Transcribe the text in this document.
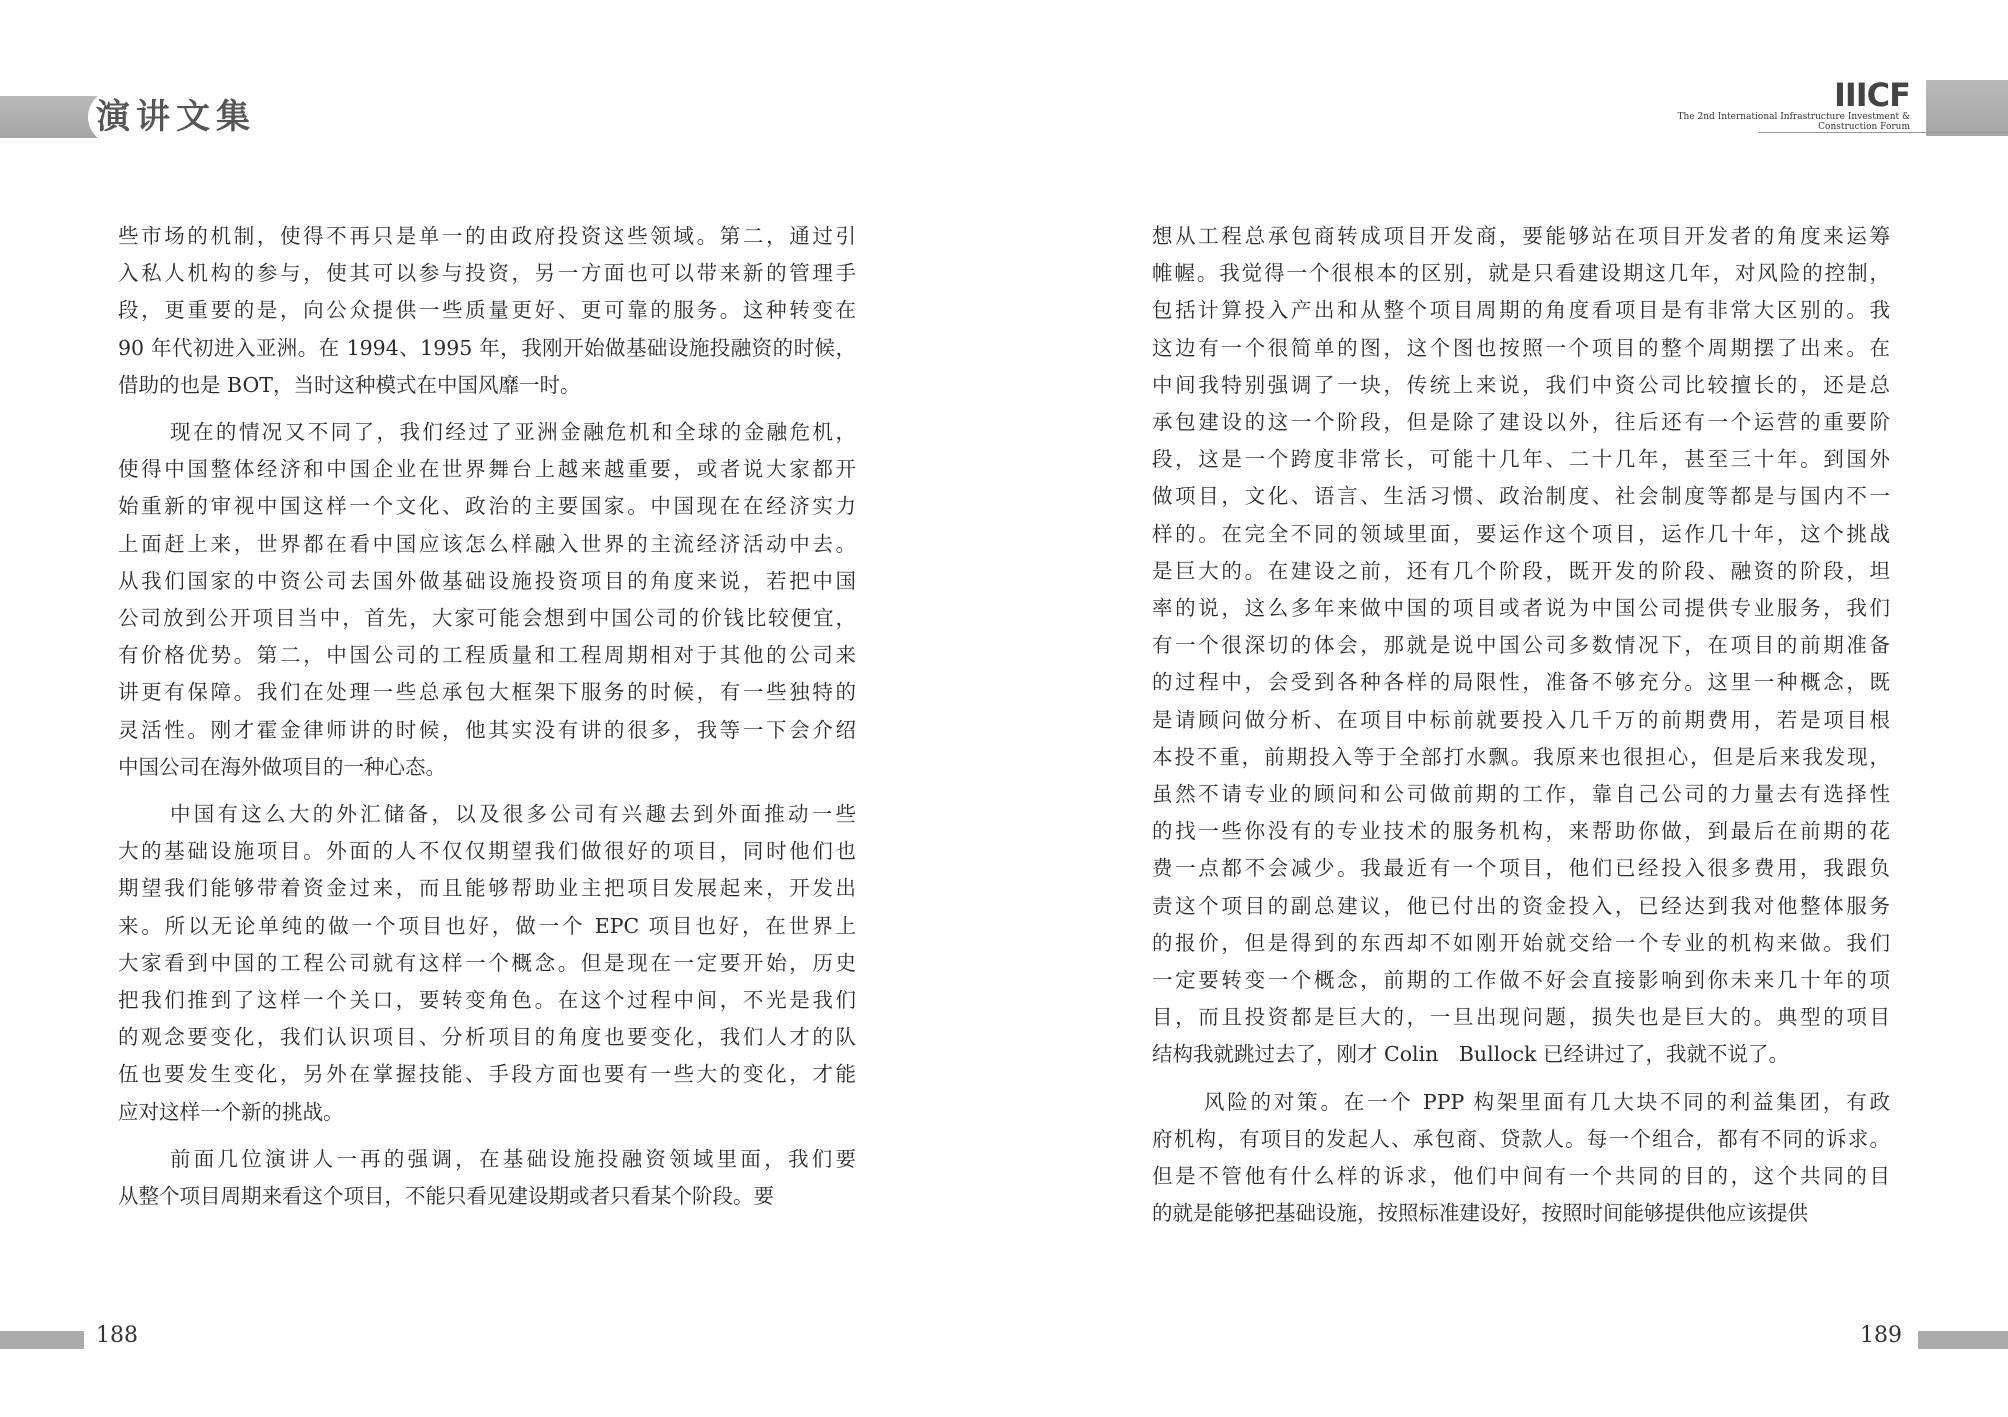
演讲文集
些市场的机制，使得不再只是单一的由政府投资这些领域。第二，通过引
入私人机构的参与，使其可以参与投资，另一方面也可以带来新的管理手
段，更重要的是，向公众提供一些质量更好、更可靠的服务。这种转变在
90 年代初进入亚洲。在 1994、1995 年，我刚开始做基础设施投融资的时候，
借助的也是 BOT，当时这种模式在中国风靡一时。
现在的情况又不同了，我们经过了亚洲金融危机和全球的金融危机，
使得中国整体经济和中国企业在世界舞台上越来越重要，或者说大家都开
始重新的审视中国这样一个文化、政治的主要国家。中国现在在经济实力
上面赶上来，世界都在看中国应该怎么样融入世界的主流经济活动中去。
从我们国家的中资公司去国外做基础设施投资项目的角度来说，若把中国
公司放到公开项目当中，首先，大家可能会想到中国公司的价钱比较便宜，
有价格优势。第二，中国公司的工程质量和工程周期相对于其他的公司来
讲更有保障。我们在处理一些总承包大框架下服务的时候，有一些独特的
灵活性。刚才霍金律师讲的时候，他其实没有讲的很多，我等一下会介绍
中国公司在海外做项目的一种心态。
中国有这么大的外汇储备，以及很多公司有兴趣去到外面推动一些
大的基础设施项目。外面的人不仅仅期望我们做很好的项目，同时他们也
期望我们能够带着资金过来，而且能够帮助业主把项目发展起来，开发出
来。所以无论单纯的做一个项目也好，做一个 EPC 项目也好，在世界上
大家看到中国的工程公司就有这样一个概念。但是现在一定要开始，历史
把我们推到了这样一个关口，要转变角色。在这个过程中间，不光是我们
的观念要变化，我们认识项目、分析项目的角度也要变化，我们人才的队
伍也要发生变化，另外在掌握技能、手段方面也要有一些大的变化，才能
应对这样一个新的挑战。
前面几位演讲人一再的强调，在基础设施投融资领域里面，我们要
从整个项目周期来看这个项目，不能只看见建设期或者只看某个阶段。要
188
IIICF
The 2nd International Infrastructure Investment &
Construction Forum
想从工程总承包商转成项目开发商，要能够站在项目开发者的角度来运筹
帷幄。我觉得一个很根本的区别，就是只看建设期这几年，对风险的控制，
包括计算投入产出和从整个项目周期的角度看项目是有非常大区别的。我
这边有一个很简单的图，这个图也按照一个项目的整个周期摆了出来。在
中间我特别强调了一块，传统上来说，我们中资公司比较擅长的，还是总
承包建设的这一个阶段，但是除了建设以外，往后还有一个运营的重要阶
段，这是一个跨度非常长，可能十几年、二十几年，甚至三十年。到国外
做项目，文化、语言、生活习惯、政治制度、社会制度等都是与国内不一
样的。在完全不同的领域里面，要运作这个项目，运作几十年，这个挑战
是巨大的。在建设之前，还有几个阶段，既开发的阶段、融资的阶段，坦
率的说，这么多年来做中国的项目或者说为中国公司提供专业服务，我们
有一个很深切的体会，那就是说中国公司多数情况下，在项目的前期准备
的过程中，会受到各种各样的局限性，准备不够充分。这里一种概念，既
是请顾问做分析、在项目中标前就要投入几千万的前期费用，若是项目根
本投不重，前期投入等于全部打水飘。我原来也很担心，但是后来我发现，
虽然不请专业的顾问和公司做前期的工作，靠自己公司的力量去有选择性
的找一些你没有的专业技术的服务机构，来帮助你做，到最后在前期的花
费一点都不会减少。我最近有一个项目，他们已经投入很多费用，我跟负
责这个项目的副总建议，他已付出的资金投入，已经达到我对他整体服务
的报价，但是得到的东西却不如刚开始就交给一个专业的机构来做。我们
一定要转变一个概念，前期的工作做不好会直接影响到你未来几十年的项
目，而且投资都是巨大的，一旦出现问题，损失也是巨大的。典型的项目
结构我就跳过去了，刚才 Colin　Bullock 已经讲过了，我就不说了。
风险的对策。在一个 PPP 构架里面有几大块不同的利益集团，有政
府机构，有项目的发起人、承包商、贷款人。每一个组合，都有不同的诉求。
但是不管他有什么样的诉求，他们中间有一个共同的目的，这个共同的目
的就是能够把基础设施，按照标准建设好，按照时间能够提供他应该提供
189
